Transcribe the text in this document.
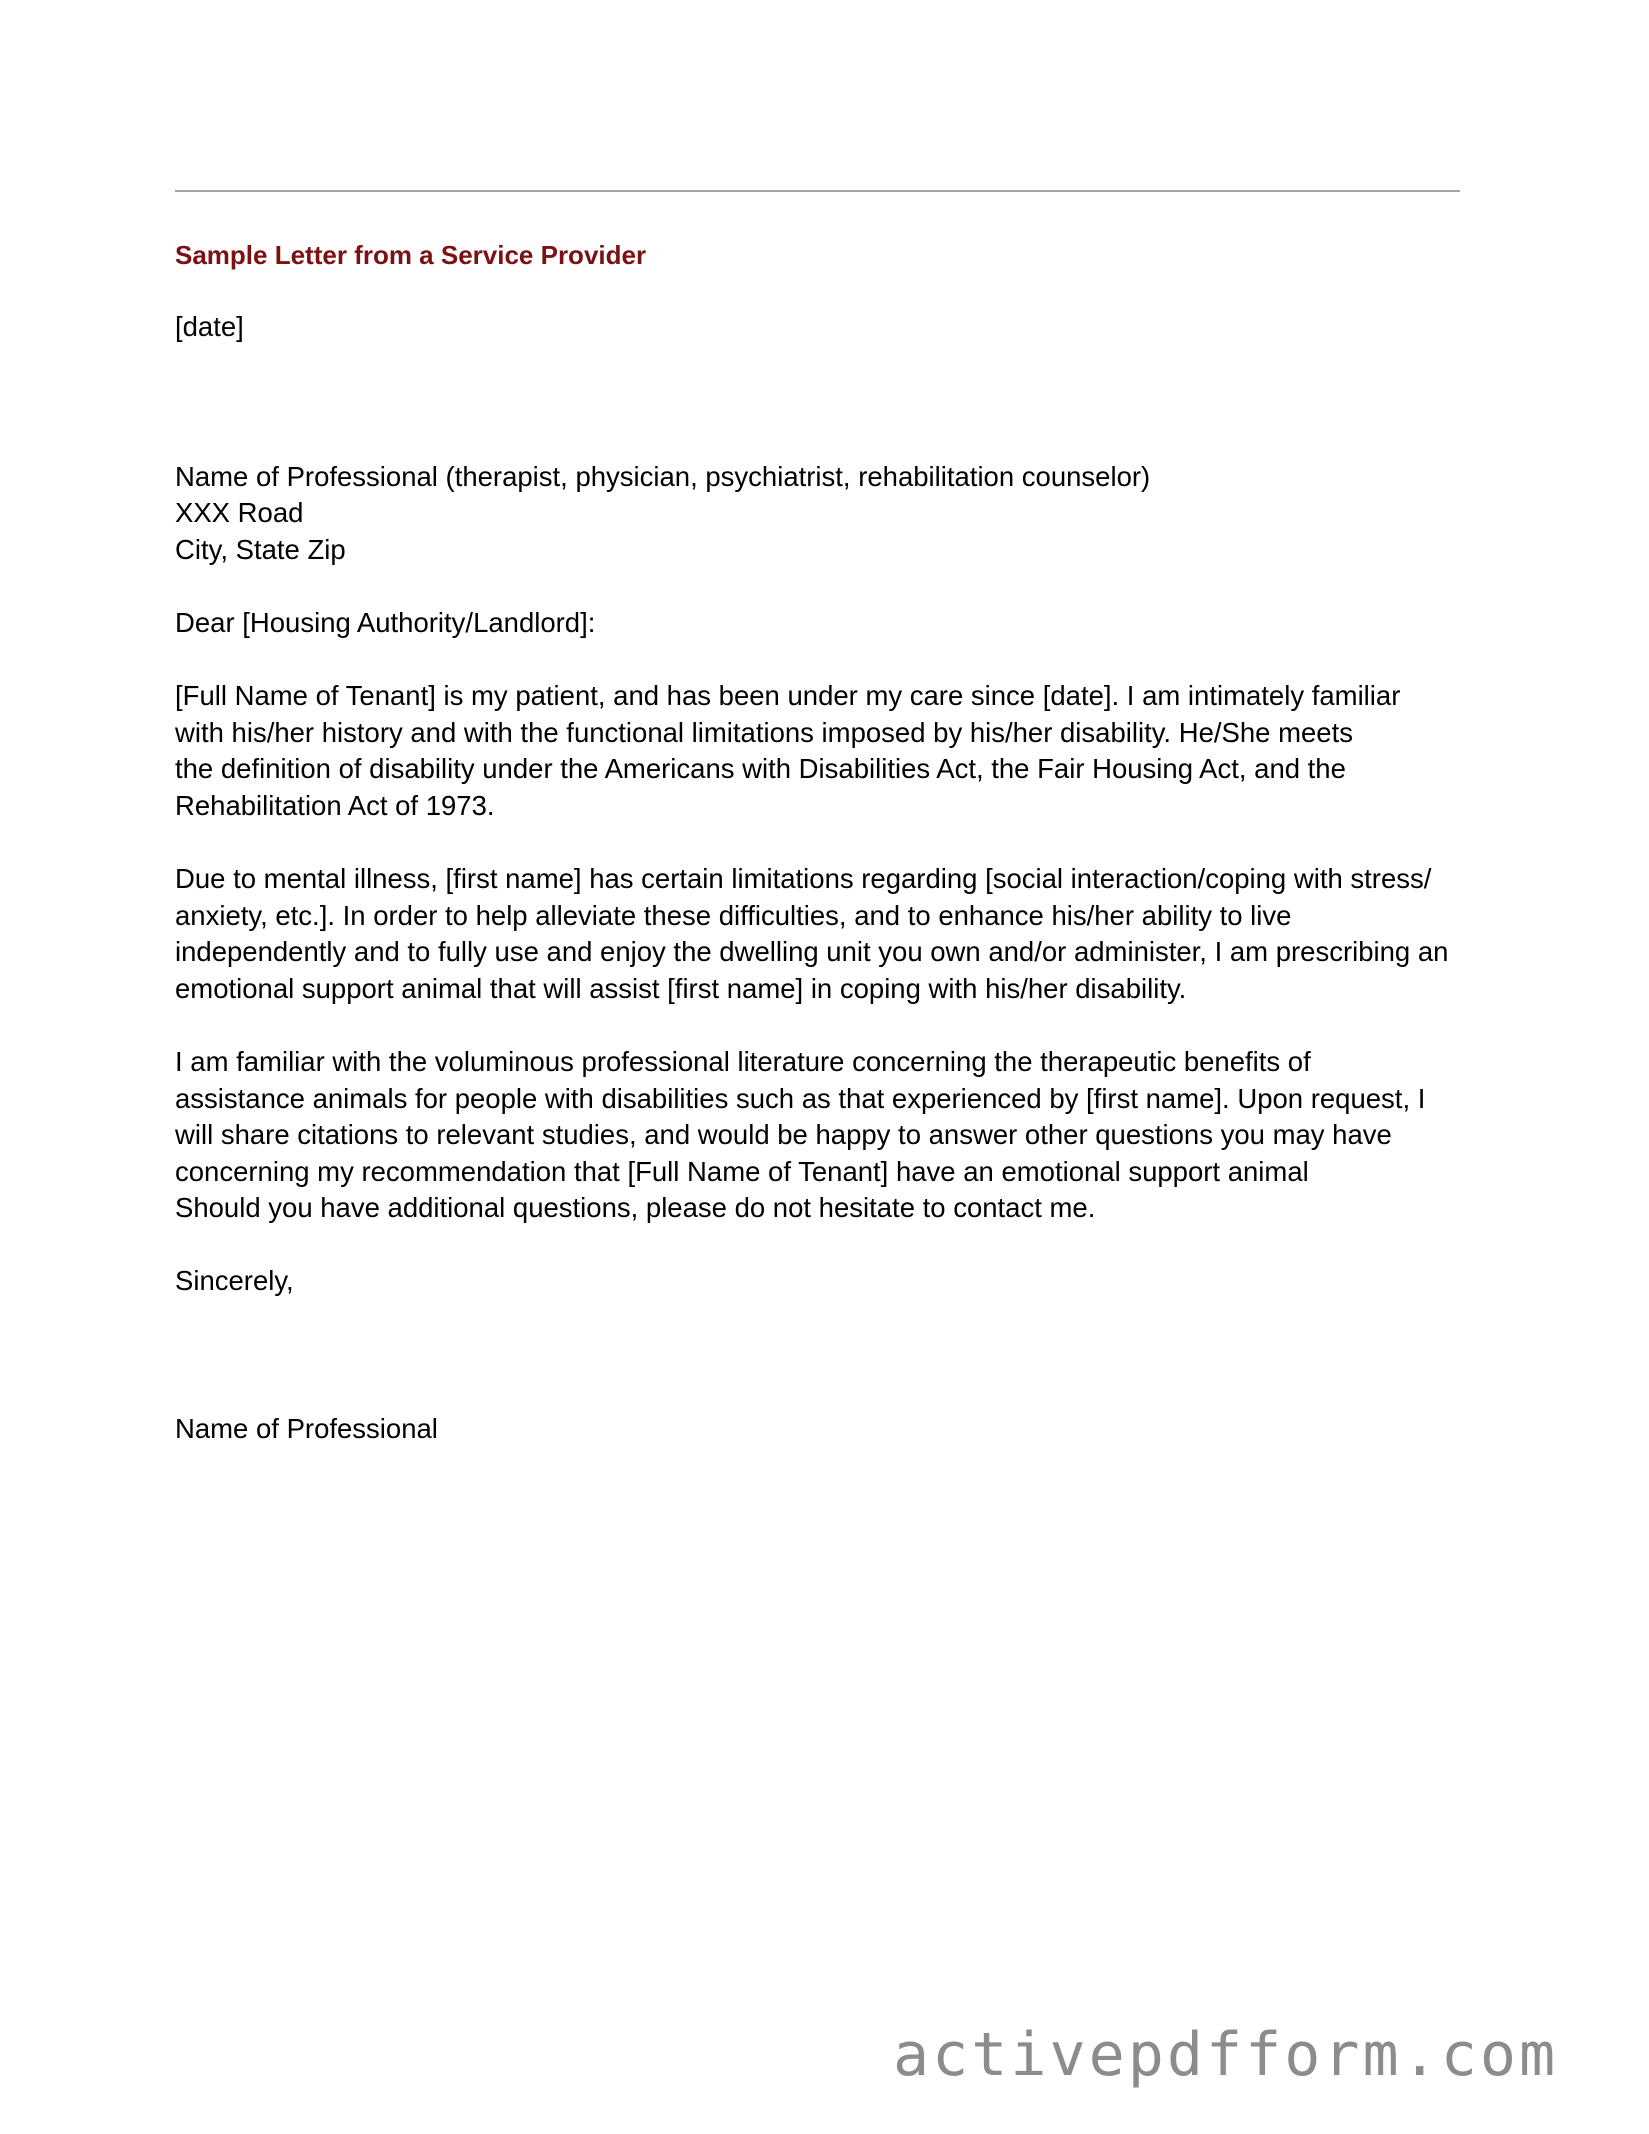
Sample Letter from a Service Provider
[date]
Name of Professional (therapist, physician, psychiatrist, rehabilitation counselor)
XXX Road
City, State Zip
Dear [Housing Authority/Landlord]:
[Full Name of Tenant] is my patient, and has been under my care since [date]. I am intimately familiar
with his/her history and with the functional limitations imposed by his/her disability. He/She meets
the definition of disability under the Americans with Disabilities Act, the Fair Housing Act, and the
Rehabilitation Act of 1973.
Due to mental illness, [first name] has certain limitations regarding [social interaction/coping with stress/
anxiety, etc.]. In order to help alleviate these difficulties, and to enhance his/her ability to live
independently and to fully use and enjoy the dwelling unit you own and/or administer, I am prescribing an
emotional support animal that will assist [first name] in coping with his/her disability.
I am familiar with the voluminous professional literature concerning the therapeutic benefits of
assistance animals for people with disabilities such as that experienced by [first name]. Upon request, I
will share citations to relevant studies, and would be happy to answer other questions you may have
concerning my recommendation that [Full Name of Tenant] have an emotional support animal
Should you have additional questions, please do not hesitate to contact me.
Sincerely,
Name of Professional
activepdfform.com
